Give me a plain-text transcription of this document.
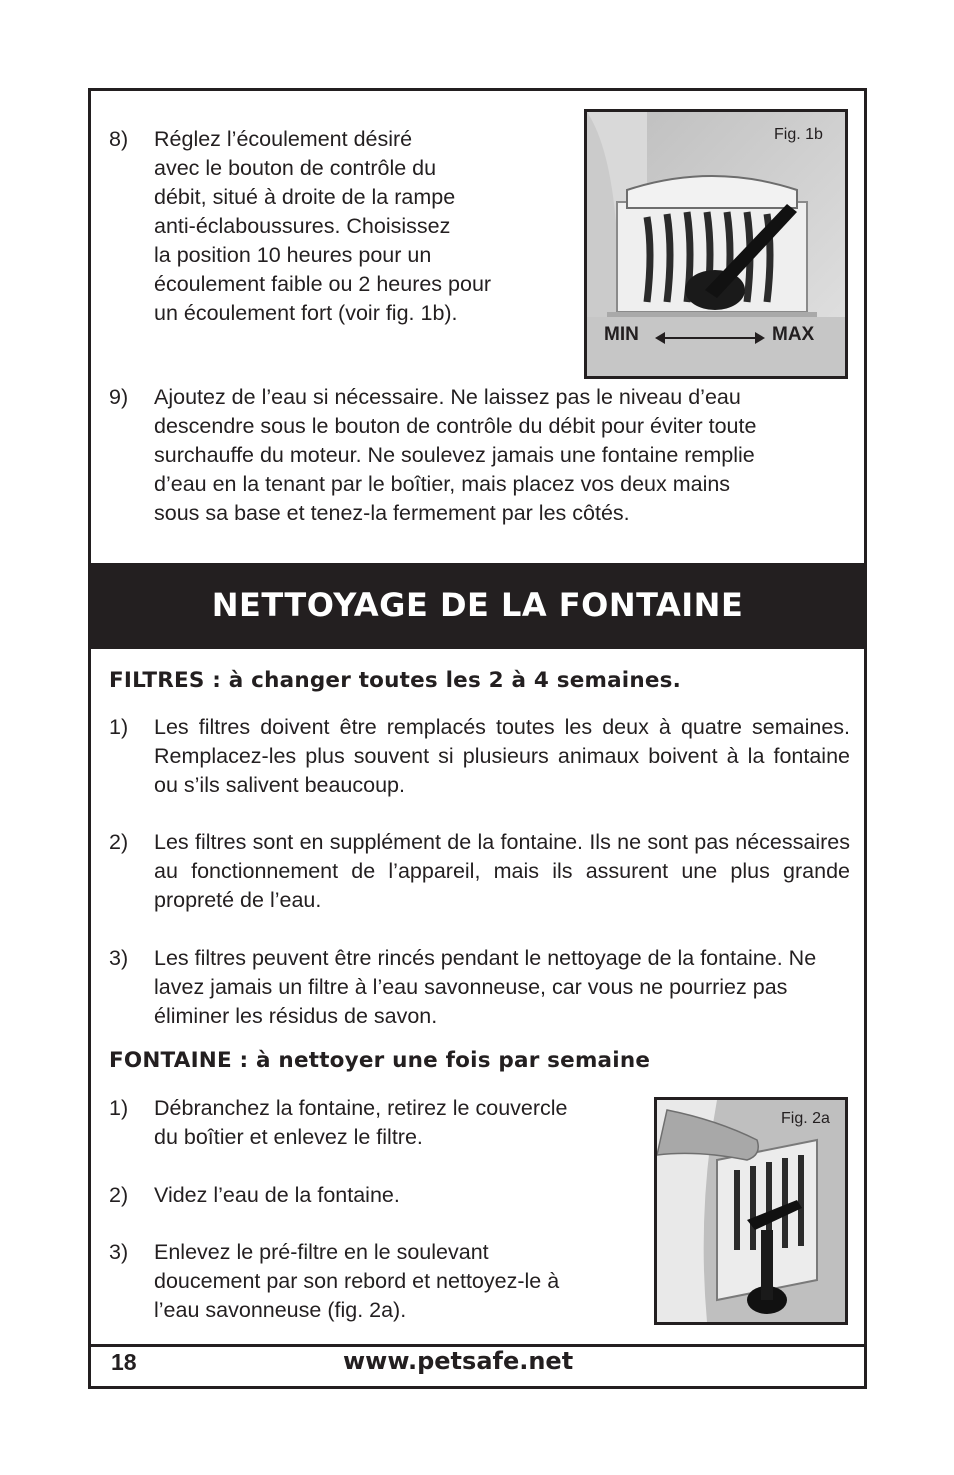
8) Réglez l’écoulement désiré
avec le bouton de contrôle du
débit, situé à droite de la rampe
anti-éclaboussures. Choisissez
la position 10 heures pour un
écoulement faible ou 2 heures pour
un écoulement fort (voir fig. 1b).
Fig. 1b
MIN	MAX
9) Ajoutez de l’eau si nécessaire. Ne laissez pas le niveau d’eau
descendre sous le bouton de contrôle du débit pour éviter toute
surchauffe du moteur. Ne soulevez jamais une fontaine remplie
d’eau en la tenant par le boîtier, mais placez vos deux mains
sous sa base et tenez-la fermement par les côtés.
NETTOYAGE DE LA FONTAINE
FILTRES : à changer toutes les 2 à 4 semaines.
1) Les filtres doivent être remplacés toutes les deux à quatre semaines. Remplacez-les plus souvent si plusieurs animaux boivent à la fontaine ou s’ils salivent beaucoup.
2) Les filtres sont en supplément de la fontaine. Ils ne sont pas nécessaires au fonctionnement de l’appareil, mais ils assurent une plus grande propreté de l’eau.
3) Les filtres peuvent être rincés pendant le nettoyage de la fontaine. Ne lavez jamais un filtre à l’eau savonneuse, car vous ne pourriez pas éliminer les résidus de savon.
FONTAINE : à nettoyer une fois par semaine
1) Débranchez la fontaine, retirez le couvercle
du boîtier et enlevez le filtre.
2) Videz l’eau de la fontaine.
3) Enlevez le pré-filtre en le soulevant
doucement par son rebord et nettoyez-le à
l’eau savonneuse (fig. 2a).
Fig. 2a
18	www.petsafe.net
